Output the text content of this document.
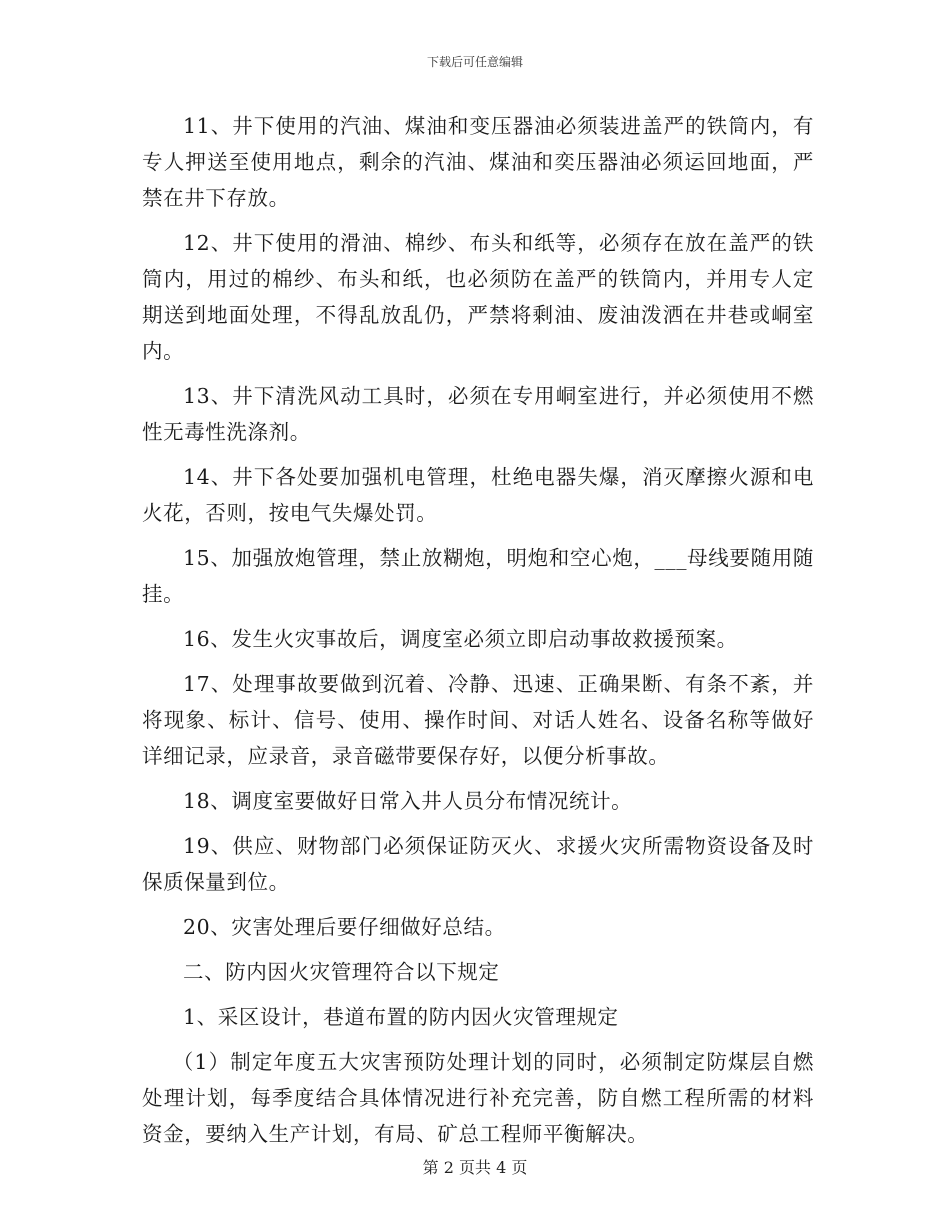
下载后可任意编辑

11、井下使用的汽油、煤油和变压器油必须装进盖严的铁筒内，有专人押送至使用地点，剩余的汽油、煤油和奕压器油必须运回地面，严禁在井下存放。

12、井下使用的滑油、棉纱、布头和纸等，必须存在放在盖严的铁筒内，用过的棉纱、布头和纸，也必须防在盖严的铁筒内，并用专人定期送到地面处理，不得乱放乱仍，严禁将剩油、废油泼洒在井巷或峒室内。

13、井下清洗风动工具时，必须在专用峒室进行，并必须使用不燃性无毒性洗涤剂。

14、井下各处要加强机电管理，杜绝电器失爆，消灭摩擦火源和电火花，否则，按电气失爆处罚。

15、加强放炮管理，禁止放糊炮，明炮和空心炮，___母线要随用随挂。

16、发生火灾事故后，调度室必须立即启动事故救援预案。

17、处理事故要做到沉着、冷静、迅速、正确果断、有条不紊，并将现象、标计、信号、使用、操作时间、对话人姓名、设备名称等做好详细记录，应录音，录音磁带要保存好，以便分析事故。

18、调度室要做好日常入井人员分布情况统计。

19、供应、财物部门必须保证防灭火、求援火灾所需物资设备及时保质保量到位。

20、灾害处理后要仔细做好总结。

二、防内因火灾管理符合以下规定

1、采区设计，巷道布置的防内因火灾管理规定

（1）制定年度五大灾害预防处理计划的同时，必须制定防煤层自燃处理计划，每季度结合具体情况进行补充完善，防自燃工程所需的材料资金，要纳入生产计划，有局、矿总工程师平衡解决。

第 2 页共 4 页
